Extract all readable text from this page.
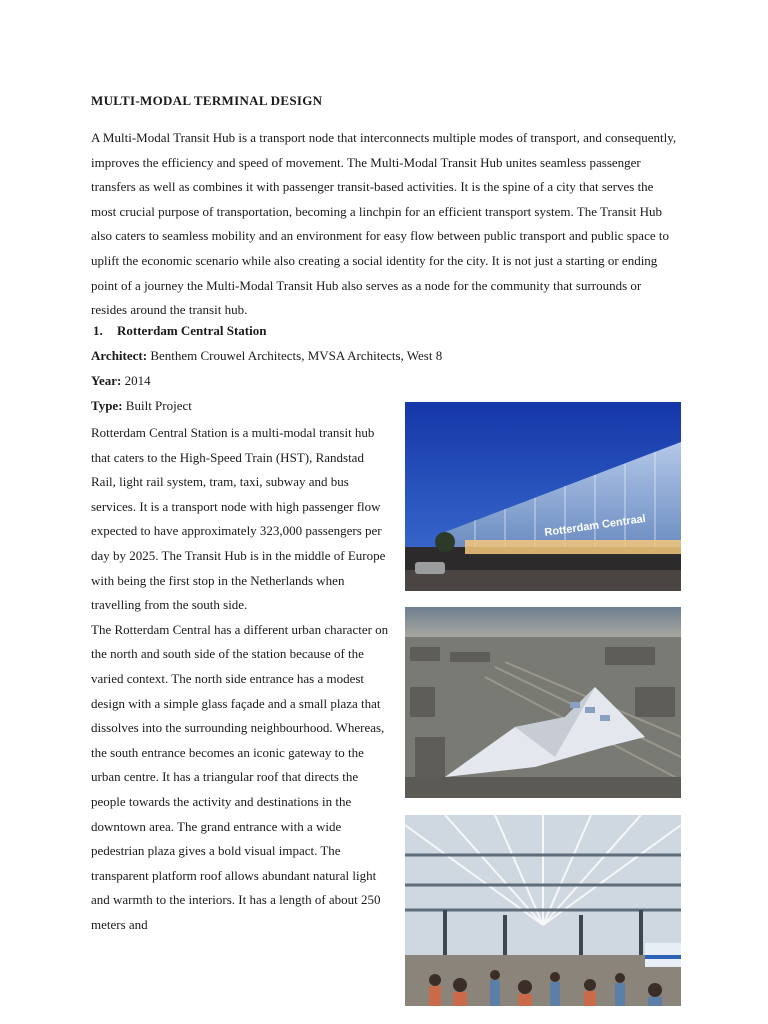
MULTI-MODAL TERMINAL DESIGN

A Multi-Modal Transit Hub is a transport node that interconnects multiple modes of transport, and consequently, improves the efficiency and speed of movement. The Multi-Modal Transit Hub unites seamless passenger transfers as well as combines it with passenger transit-based activities. It is the spine of a city that serves the most crucial purpose of transportation, becoming a linchpin for an efficient transport system. The Transit Hub also caters to seamless mobility and an environment for easy flow between public transport and public space to uplift the economic scenario while also creating a social identity for the city. It is not just a starting or ending point of a journey the Multi-Modal Transit Hub also serves as a node for the community that surrounds or resides around the transit hub.

1. Rotterdam Central Station
Architect: Benthem Crouwel Architects, MVSA Architects, West 8
Year: 2014
Type: Built Project

Rotterdam Central Station is a multi-modal transit hub that caters to the High-Speed Train (HST), Randstad Rail, light rail system, tram, taxi, subway and bus services. It is a transport node with high passenger flow expected to have approximately 323,000 passengers per day by 2025. The Transit Hub is in the middle of Europe with being the first stop in the Netherlands when travelling from the south side.

The Rotterdam Central has a different urban character on the north and south side of the station because of the varied context. The north side entrance has a modest design with a simple glass façade and a small plaza that dissolves into the surrounding neighbourhood. Whereas, the south entrance becomes an iconic gateway to the urban centre. It has a triangular roof that directs the people towards the activity and destinations in the downtown area. The grand entrance with a wide pedestrian plaza gives a bold visual impact. The transparent platform roof allows abundant natural light and warmth to the interiors. It has a length of about 250 meters and

Rotterdam Centraal
